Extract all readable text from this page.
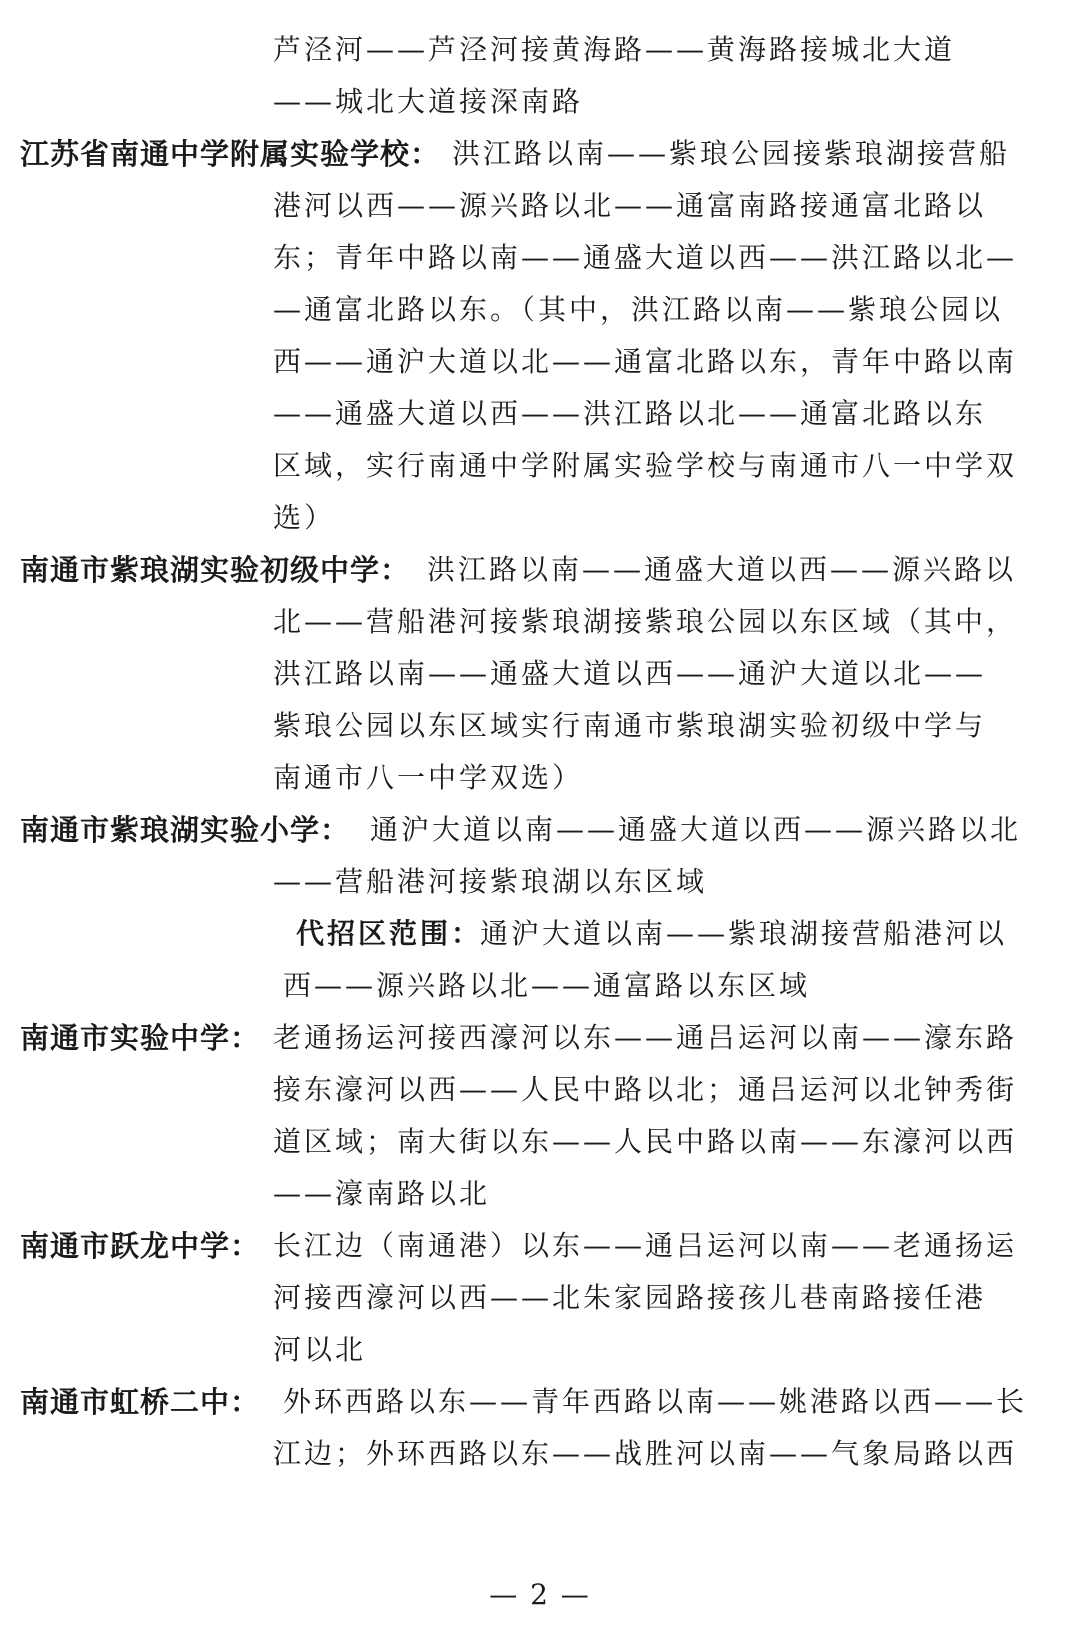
芦泾河——芦泾河接黄海路——黄海路接城北大道
——城北大道接深南路
江苏省南通中学附属实验学校： 洪江路以南——紫琅公园接紫琅湖接营船
港河以西——源兴路以北——通富南路接通富北路以
东；青年中路以南——通盛大道以西——洪江路以北—
—通富北路以东。（其中，洪江路以南——紫琅公园以
西——通沪大道以北——通富北路以东，青年中路以南
——通盛大道以西——洪江路以北——通富北路以东
区域，实行南通中学附属实验学校与南通市八一中学双
选）
南通市紫琅湖实验初级中学： 洪江路以南——通盛大道以西——源兴路以
北——营船港河接紫琅湖接紫琅公园以东区域（其中，
洪江路以南——通盛大道以西——通沪大道以北——
紫琅公园以东区域实行南通市紫琅湖实验初级中学与
南通市八一中学双选）
南通市紫琅湖实验小学： 通沪大道以南——通盛大道以西——源兴路以北
——营船港河接紫琅湖以东区域
代招区范围：
通沪大道以南——紫琅湖接营船港河以
西——源兴路以北——通富路以东区域
南通市实验中学： 老通扬运河接西濠河以东——通吕运河以南——濠东路
接东濠河以西——人民中路以北；通吕运河以北钟秀街
道区域；南大街以东——人民中路以南——东濠河以西
——濠南路以北
南通市跃龙中学： 长江边（南通港）以东——通吕运河以南——老通扬运
河接西濠河以西——北朱家园路接孩儿巷南路接任港
河以北
南通市虹桥二中： 外环西路以东——青年西路以南——姚港路以西——长
江边；外环西路以东——战胜河以南——气象局路以西
— 2 —
